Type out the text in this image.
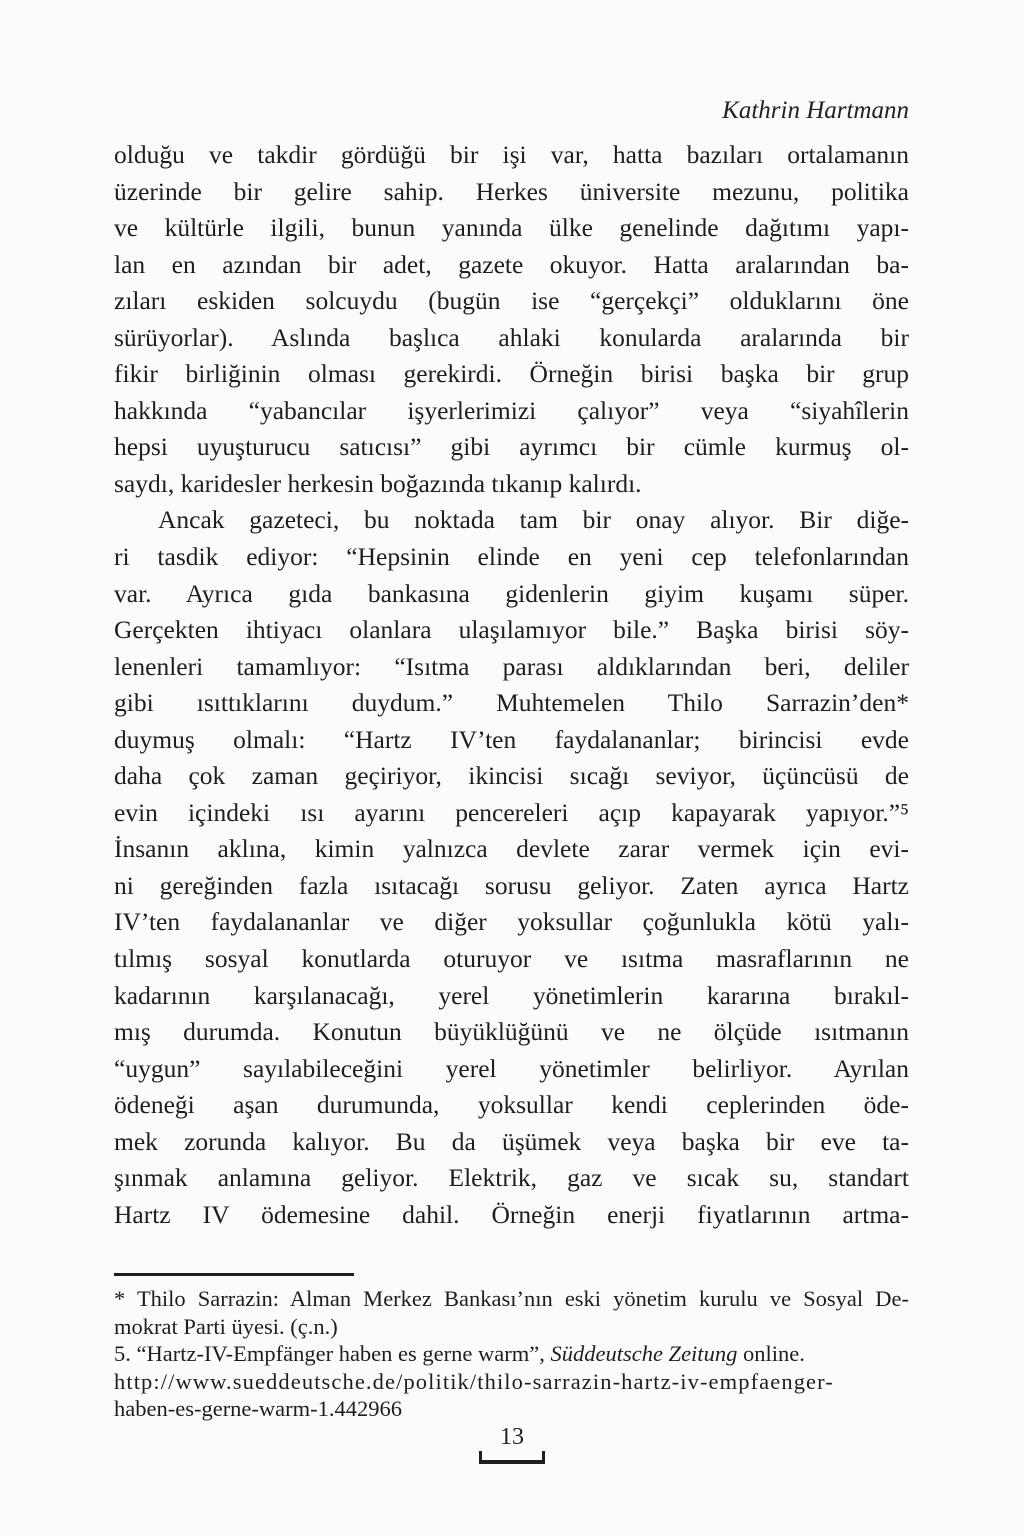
Kathrin Hartmann
olduğu ve takdir gördüğü bir işi var, hatta bazıları ortalamanın
üzerinde bir gelire sahip. Herkes üniversite mezunu, politika
ve kültürle ilgili, bunun yanında ülke genelinde dağıtımı yapı-
lan en azından bir adet, gazete okuyor. Hatta aralarından ba-
zıları eskiden solcuydu (bugün ise “gerçekçi” olduklarını öne
sürüyorlar). Aslında başlıca ahlaki konularda aralarında bir
fikir birliğinin olması gerekirdi. Örneğin birisi başka bir grup
hakkında “yabancılar işyerlerimizi çalıyor” veya “siyahîlerin
hepsi uyuşturucu satıcısı” gibi ayrımcı bir cümle kurmuş ol-
saydı, karidesler herkesin boğazında tıkanıp kalırdı.
Ancak gazeteci, bu noktada tam bir onay alıyor. Bir diğe-
ri tasdik ediyor: “Hepsinin elinde en yeni cep telefonlarından
var. Ayrıca gıda bankasına gidenlerin giyim kuşamı süper.
Gerçekten ihtiyacı olanlara ulaşılamıyor bile.” Başka birisi söy-
lenenleri tamamlıyor: “Isıtma parası aldıklarından beri, deliler
gibi ısıttıklarını duydum.” Muhtemelen Thilo Sarrazin’den*
duymuş olmalı: “Hartz IV’ten faydalananlar; birincisi evde
daha çok zaman geçiriyor, ikincisi sıcağı seviyor, üçüncüsü de
evin içindeki ısı ayarını pencereleri açıp kapayarak yapıyor.”⁵
İnsanın aklına, kimin yalnızca devlete zarar vermek için evi-
ni gereğinden fazla ısıtacağı sorusu geliyor. Zaten ayrıca Hartz
IV’ten faydalananlar ve diğer yoksullar çoğunlukla kötü yalı-
tılmış sosyal konutlarda oturuyor ve ısıtma masraflarının ne
kadarının karşılanacağı, yerel yönetimlerin kararına bırakıl-
mış durumda. Konutun büyüklüğünü ve ne ölçüde ısıtmanın
“uygun” sayılabileceğini yerel yönetimler belirliyor. Ayrılan
ödeneği aşan durumunda, yoksullar kendi ceplerinden öde-
mek zorunda kalıyor. Bu da üşümek veya başka bir eve ta-
şınmak anlamına geliyor. Elektrik, gaz ve sıcak su, standart
Hartz IV ödemesine dahil. Örneğin enerji fiyatlarının artma-
* Thilo Sarrazin: Alman Merkez Bankası’nın eski yönetim kurulu ve Sosyal De-
mokrat Parti üyesi. (ç.n.)
5. “Hartz-IV-Empfänger haben es gerne warm”, Süddeutsche Zeitung online.
http://www.sueddeutsche.de/politik/thilo-sarrazin-hartz-iv-empfaenger-
haben-es-gerne-warm-1.442966
13
